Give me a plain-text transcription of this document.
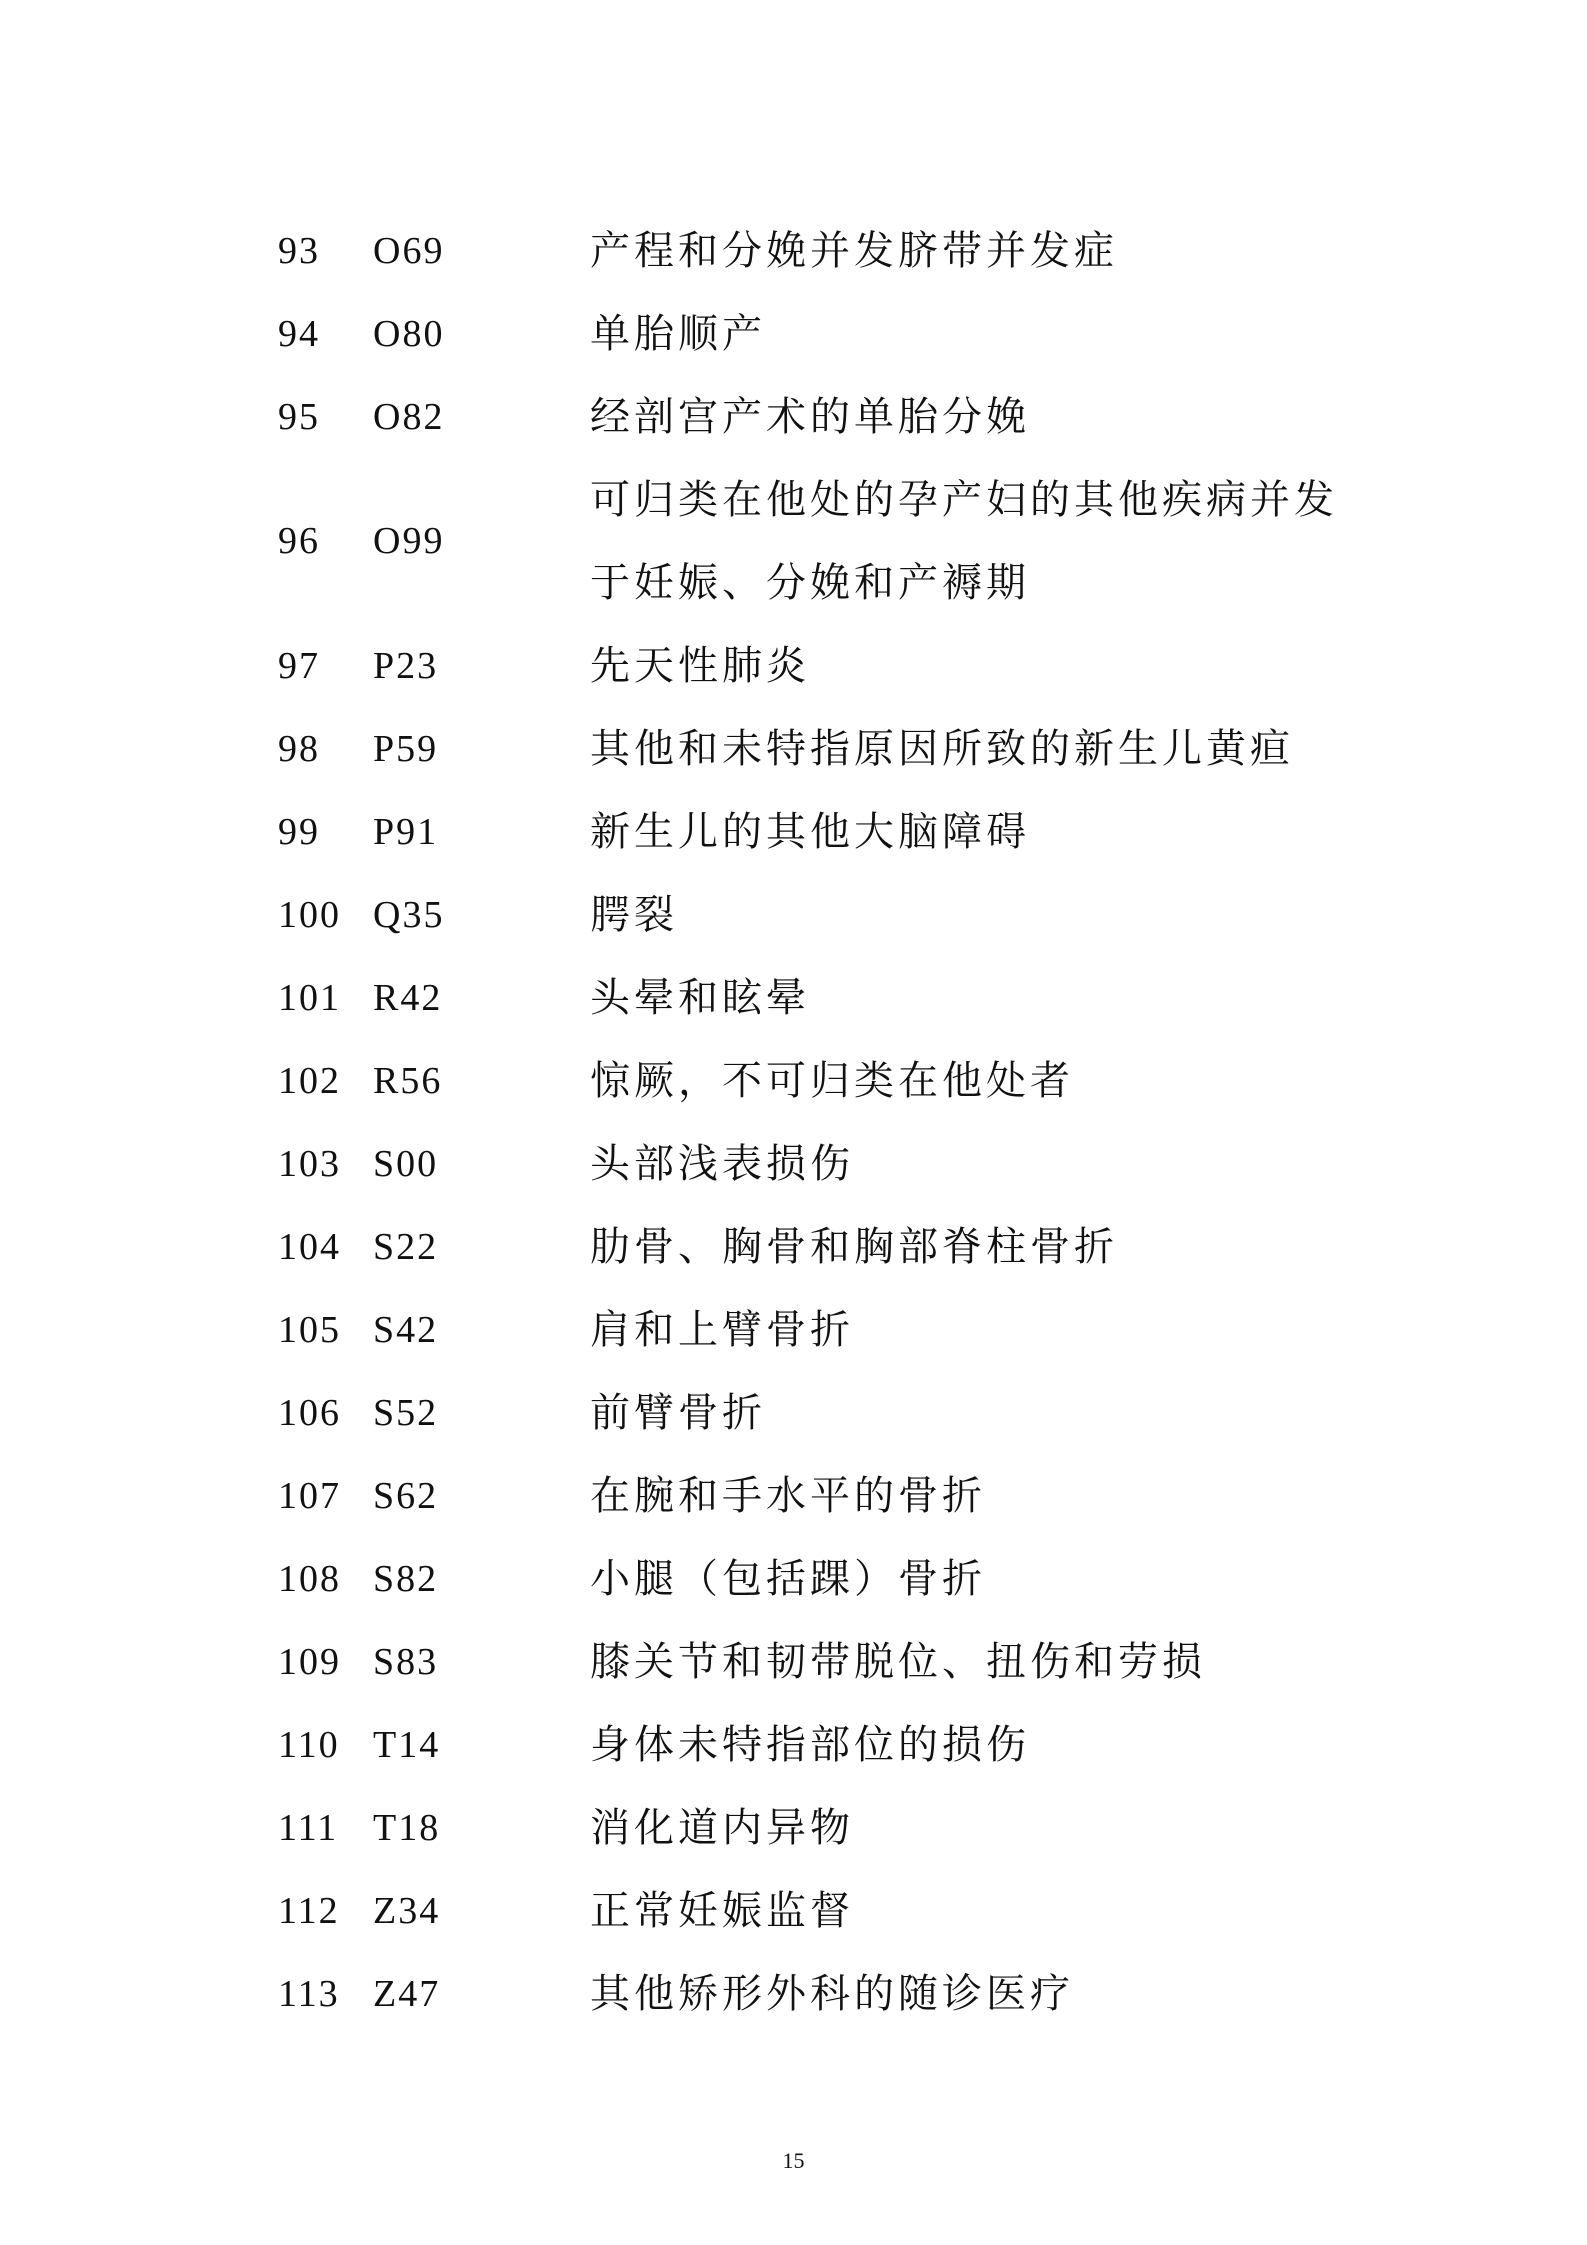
93	O69	产程和分娩并发脐带并发症
94	O80	单胎顺产
95	O82	经剖宫产术的单胎分娩
96	O99
可归类在他处的孕产妇的其他疾病并发于妊娠、分娩和产褥期
97	P23	先天性肺炎
98	P59	其他和未特指原因所致的新生儿黄疸
99	P91	新生儿的其他大脑障碍
100 Q35	腭裂
101 R42	头晕和眩晕
102 R56	惊厥，不可归类在他处者
103 S00	头部浅表损伤
104 S22	肋骨、胸骨和胸部脊柱骨折
105 S42	肩和上臂骨折
106 S52	前臂骨折
107 S62	在腕和手水平的骨折
108 S82	小腿（包括踝）骨折
109 S83	膝关节和韧带脱位、扭伤和劳损
110 T14	身体未特指部位的损伤
111 T18	消化道内异物
112 Z34	正常妊娠监督
113 Z47	其他矫形外科的随诊医疗
15
